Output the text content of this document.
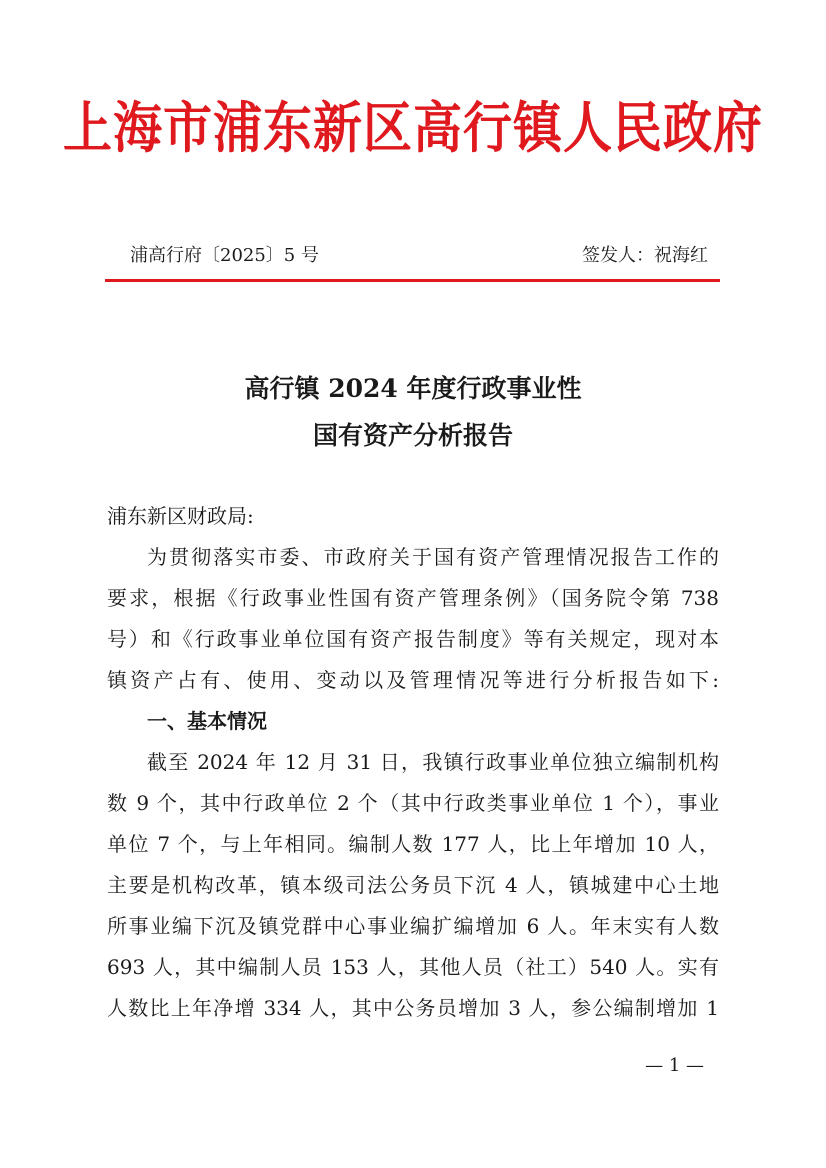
上海市浦东新区高行镇人民政府
浦高行府〔2025〕5 号	签发人：祝海红
高行镇 2024 年度行政事业性
国有资产分析报告
浦东新区财政局:
为贯彻落实市委、市政府关于国有资产管理情况报告工作的
要求，根据《行政事业性国有资产管理条例》（国务院令第 738
号）和《行政事业单位国有资产报告制度》等有关规定，现对本
镇资产占有、使用、变动以及管理情况等进行分析报告如下:
一、基本情况
截至 2024 年 12 月 31 日，我镇行政事业单位独立编制机构
数 9 个，其中行政单位 2 个（其中行政类事业单位 1 个），事业
单位 7 个，与上年相同。编制人数 177 人，比上年增加 10 人，
主要是机构改革，镇本级司法公务员下沉 4 人，镇城建中心土地
所事业编下沉及镇党群中心事业编扩编增加 6 人。年末实有人数
693 人，其中编制人员 153 人，其他人员（社工）540 人。实有
人数比上年净增 334 人，其中公务员增加 3 人，参公编制增加 1
— 1 —
